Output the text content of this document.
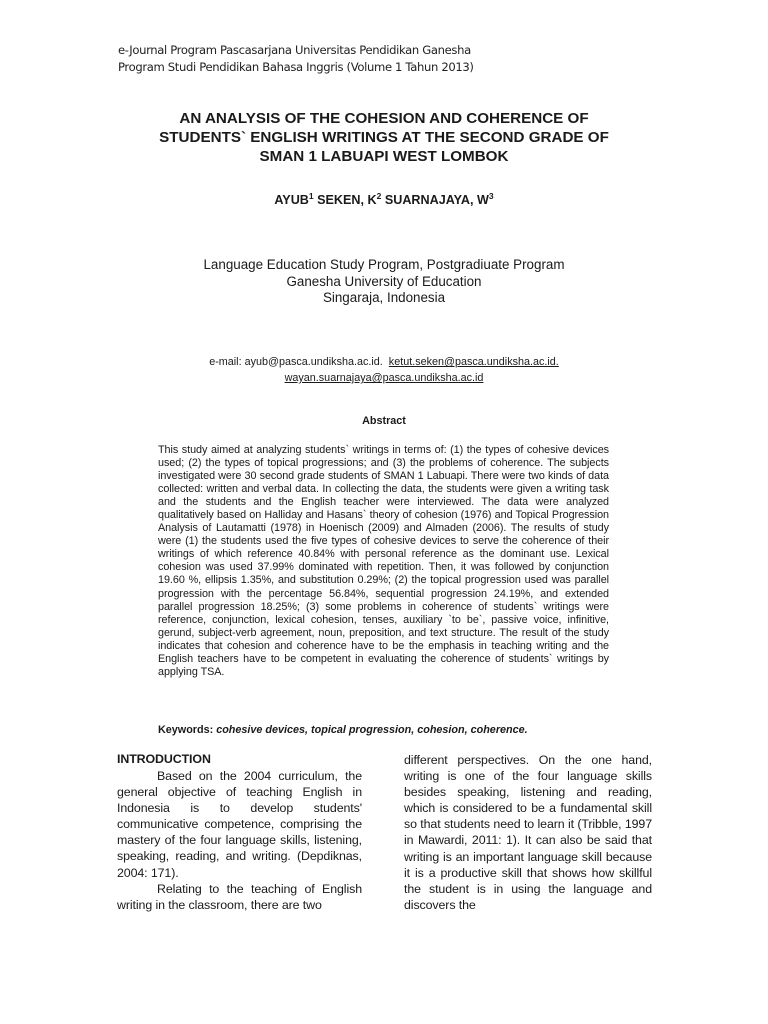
e-Journal Program Pascasarjana Universitas Pendidikan Ganesha
Program Studi Pendidikan Bahasa Inggris (Volume 1 Tahun 2013)
AN ANALYSIS OF THE COHESION AND COHERENCE OF
STUDENTS` ENGLISH WRITINGS AT THE SECOND GRADE OF
SMAN 1 LABUAPI WEST LOMBOK
AYUB$^1$ SEKEN, $K^2$ SUARNAJAYA, $W^3$
Language Education Study Program, Postgradiuate Program
Ganesha University of Education
Singaraja, Indonesia
e-mail: ayub@pasca.undiksha.ac.id.  ketut.seken@pasca.undiksha.ac.id.
wayan.suarnajaya@pasca.undiksha.ac.id
Abstract
This study aimed at analyzing students` writings in terms of: (1) the types of cohesive devices used; (2) the types of topical progressions; and (3) the problems of coherence. The subjects investigated were 30 second grade students of SMAN 1 Labuapi. There were two kinds of data collected: written and verbal data. In collecting the data, the students were given a writing task and the students and the English teacher were interviewed. The data were analyzed qualitatively based on Halliday and Hasans` theory of cohesion (1976) and Topical Progression Analysis of Lautamatti (1978) in Hoenisch (2009) and Almaden (2006). The results of study were (1) the students used the five types of cohesive devices to serve the coherence of their writings of which reference 40.84% with personal reference as the dominant use. Lexical cohesion was used 37.99% dominated with repetition. Then, it was followed by conjunction 19.60 %, ellipsis 1.35%, and substitution 0.29%; (2) the topical progression used was parallel progression with the percentage 56.84%, sequential progression 24.19%, and extended parallel progression 18.25%; (3) some problems in coherence of students` writings were reference, conjunction, lexical cohesion, tenses, auxiliary `to be`, passive voice, infinitive, gerund, subject-verb agreement, noun, preposition, and text structure. The result of the study indicates that cohesion and coherence have to be the emphasis in teaching writing and the English teachers have to be competent in evaluating the coherence of students` writings by applying TSA.
Keywords: cohesive devices, topical progression, cohesion, coherence.
INTRODUCTION

Based on the 2004 curriculum, the general objective of teaching English in Indonesia is to develop students' communicative competence, comprising the mastery of the four language skills, listening, speaking, reading, and writing. (Depdiknas, 2004: 171).

Relating to the teaching of English writing in the classroom, there are two

different perspectives. On the one hand, writing is one of the four language skills besides speaking, listening and reading, which is considered to be a fundamental skill so that students need to learn it (Tribble, 1997 in Mawardi, 2011: 1). It can also be said that writing is an important language skill because it is a productive skill that shows how skillful the student is in using the language and discovers the
